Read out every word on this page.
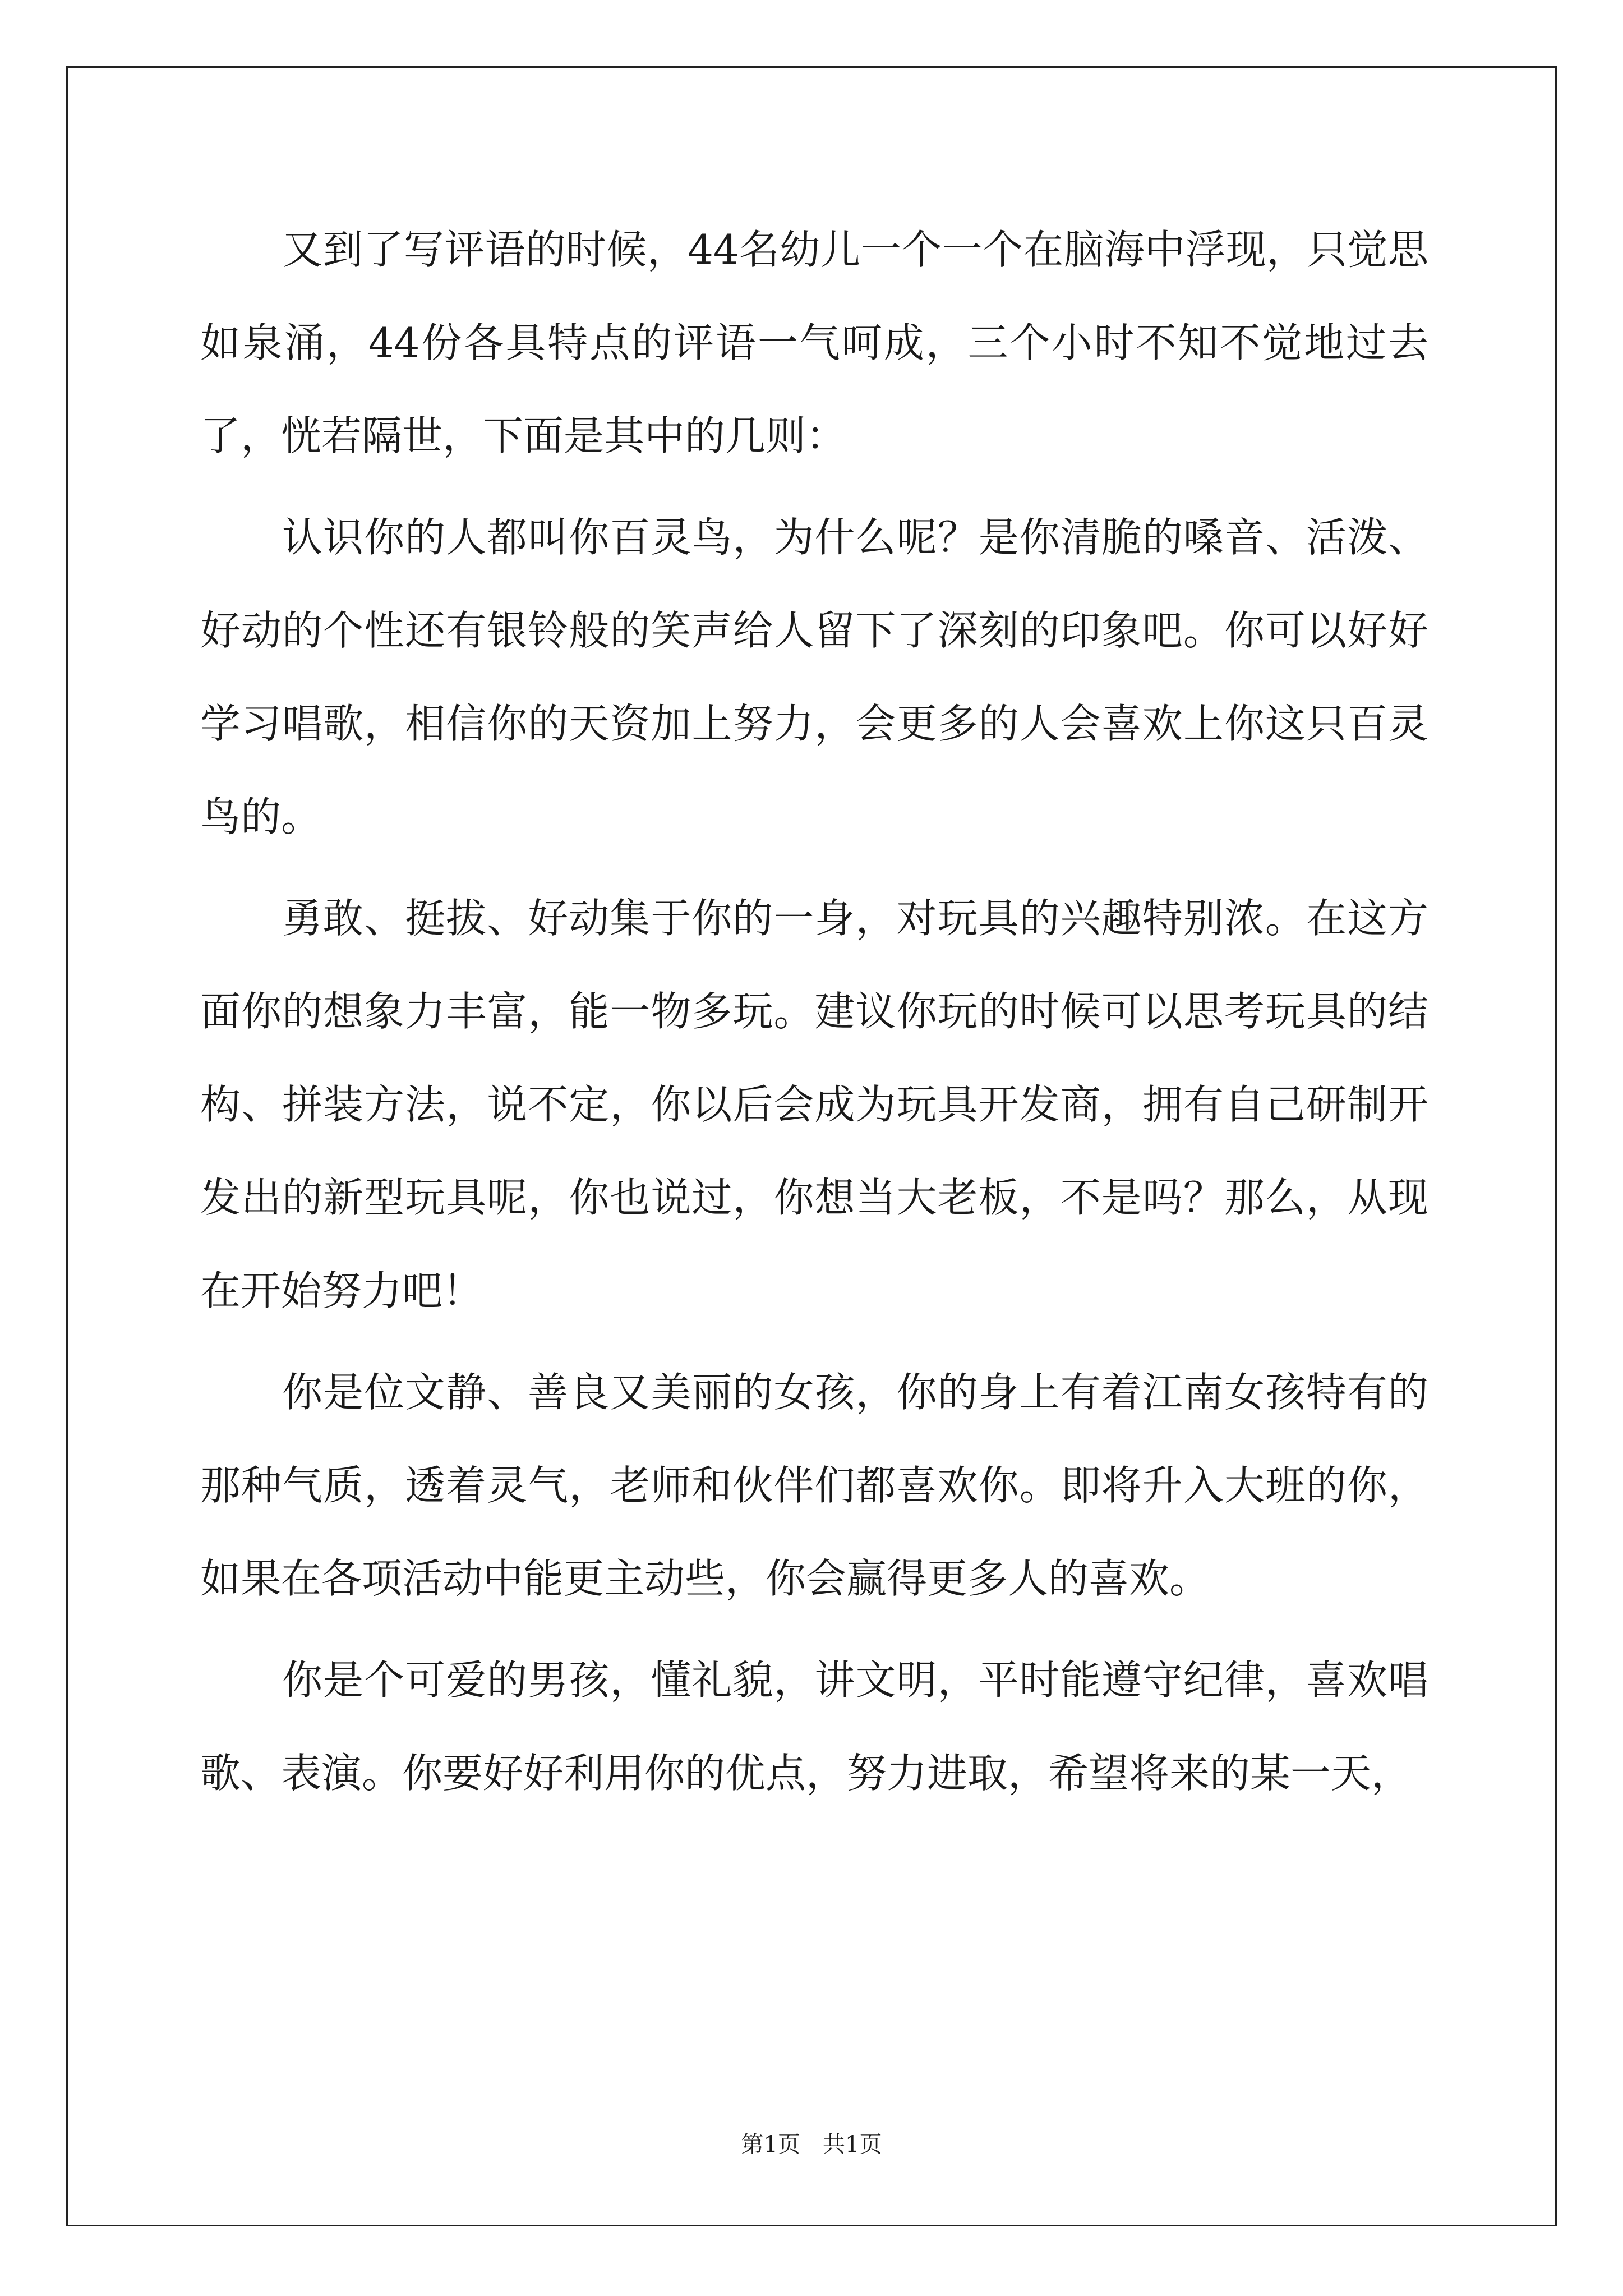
又到了写评语的时候，44名幼儿一个一个在脑海中浮现，只觉思如泉涌，44份各具特点的评语一气呵成，三个小时不知不觉地过去了，恍若隔世，下面是其中的几则：

认识你的人都叫你百灵鸟，为什么呢？是你清脆的嗓音、活泼、好动的个性还有银铃般的笑声给人留下了深刻的印象吧。你可以好好学习唱歌，相信你的天资加上努力，会更多的人会喜欢上你这只百灵鸟的。

勇敢、挺拔、好动集于你的一身，对玩具的兴趣特别浓。在这方面你的想象力丰富，能一物多玩。建议你玩的时候可以思考玩具的结构、拼装方法，说不定，你以后会成为玩具开发商，拥有自己研制开发出的新型玩具呢，你也说过，你想当大老板，不是吗？那么，从现在开始努力吧！

你是位文静、善良又美丽的女孩，你的身上有着江南女孩特有的那种气质，透着灵气，老师和伙伴们都喜欢你。即将升入大班的你，如果在各项活动中能更主动些，你会赢得更多人的喜欢。

你是个可爱的男孩，懂礼貌，讲文明，平时能遵守纪律，喜欢唱歌、表演。你要好好利用你的优点，努力进取，希望将来的某一天，

第1页　共1页
